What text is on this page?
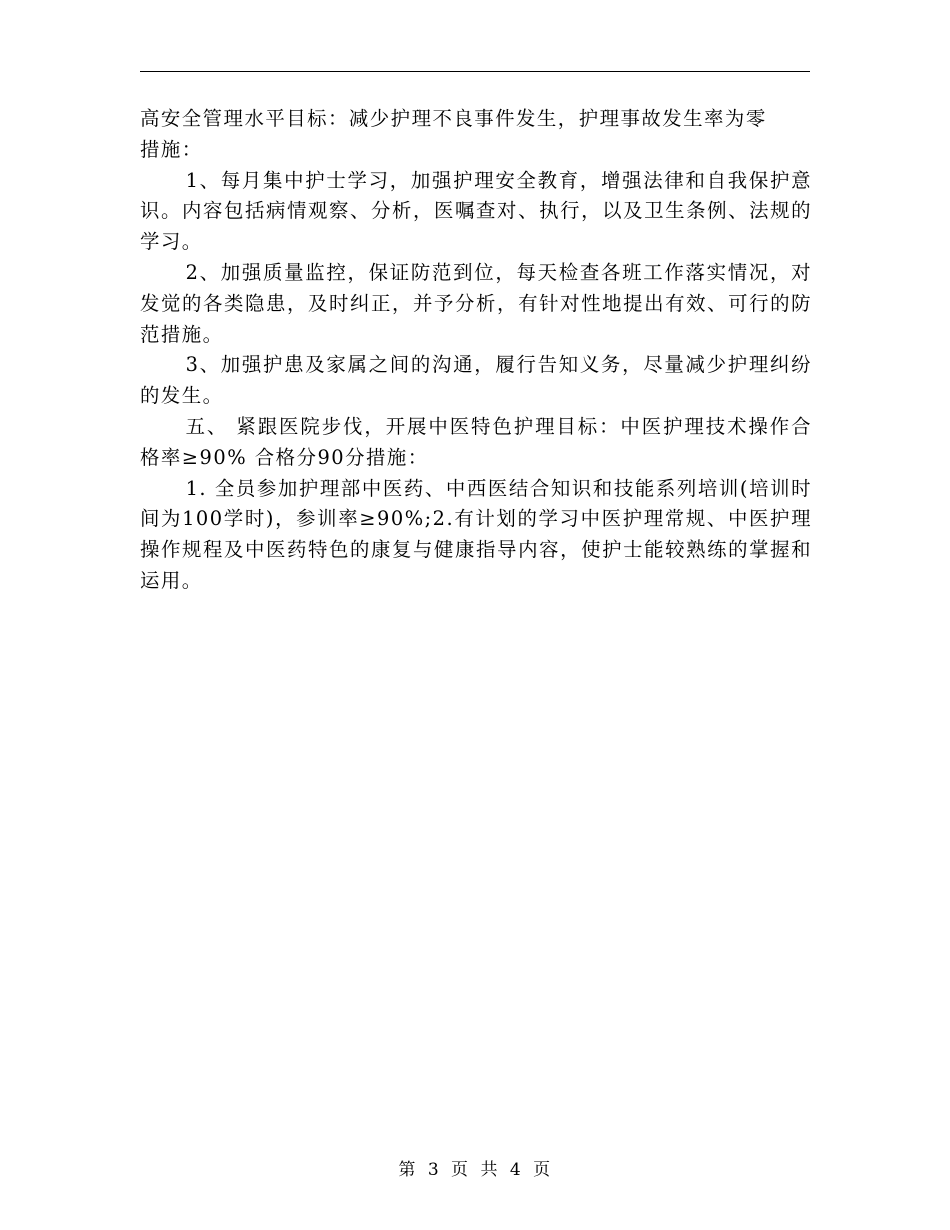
高安全管理水平目标：减少护理不良事件发生，护理事故发生率为零

措施：

1、每月集中护士学习，加强护理安全教育，增强法律和自我保护意识。内容包括病情观察、分析，医嘱查对、执行，以及卫生条例、法规的学习。

2、加强质量监控，保证防范到位，每天检查各班工作落实情况，对发觉的各类隐患，及时纠正，并予分析，有针对性地提出有效、可行的防范措施。

3、加强护患及家属之间的沟通，履行告知义务，尽量减少护理纠纷的发生。

五、 紧跟医院步伐，开展中医特色护理目标：中医护理技术操作合格率≥90% 合格分90分措施：

1. 全员参加护理部中医药、中西医结合知识和技能系列培训(培训时间为100学时)，参训率≥90%;2.有计划的学习中医护理常规、中医护理操作规程及中医药特色的康复与健康指导内容，使护士能较熟练的掌握和运用。

第 3 页 共 4 页
